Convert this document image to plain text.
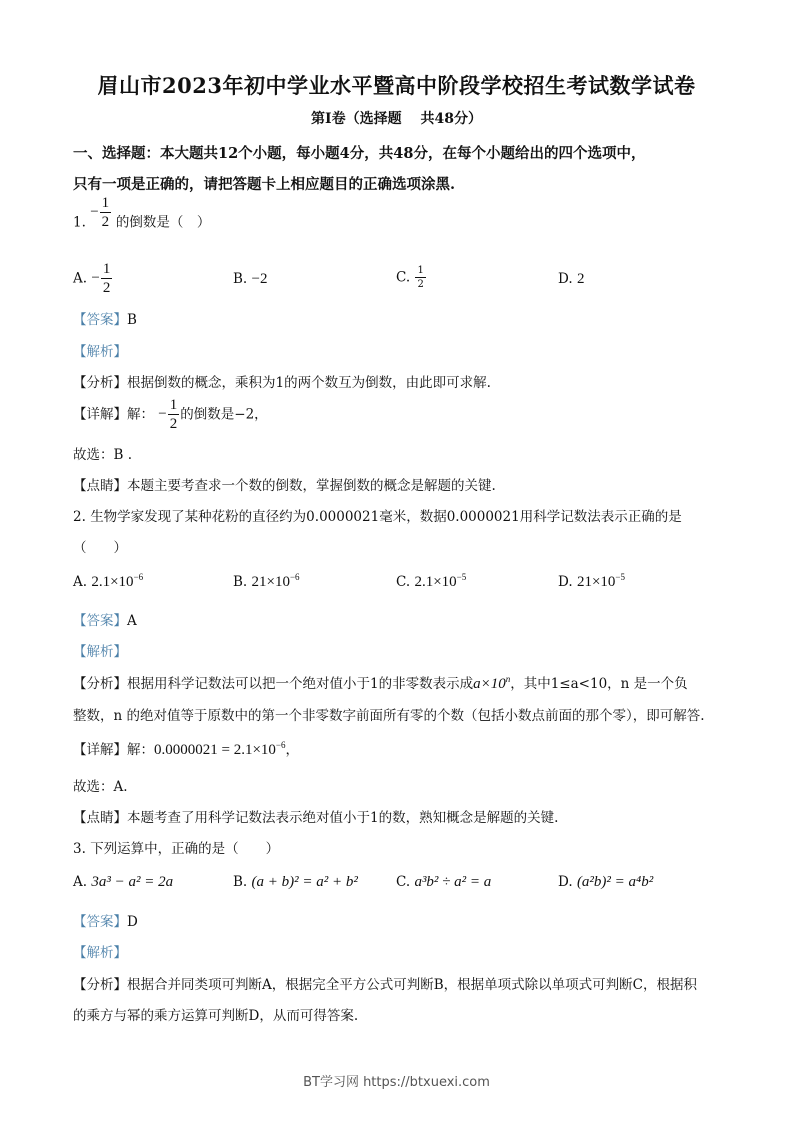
眉山市2023年初中学业水平暨高中阶段学校招生考试数学试卷
第I卷（选择题　 共48分）
一、选择题：本大题共12个小题，每小题4分，共48分，在每个小题给出的四个选项中，
只有一项是正确的，请把答题卡上相应题目的正确选项涂黑.
1. − $\frac{1}{2}$ 的倒数是（　）
A. − $\frac{1}{2}$	B. −2	C. $\frac{1}{2}$	D. 2
【答案】B
【解析】
【分析】根据倒数的概念，乘积为1的两个数互为倒数，由此即可求解.
【详解】解： − $\frac{1}{2}$ 的倒数是−2，
故选：B .
【点睛】本题主要考查求一个数的倒数，掌握倒数的概念是解题的关键.
2. 生物学家发现了某种花粉的直径约为0.0000021毫米，数据0.0000021用科学记数法表示正确的是
（　　）
A. $2.1\times 10^{-6}$	B. $21\times 10^{-6}$	C. $2.1\times 10^{-5}$	D. $21\times 10^{-5}$
【答案】A
【解析】
【分析】根据用科学记数法可以把一个绝对值小于1的非零数表示成$a\times 10^n$，其中1≤a<10，n 是一个负
整数，n 的绝对值等于原数中的第一个非零数字前面所有零的个数（包括小数点前面的那个零），即可解答.
【详解】解：$0.0000021 = 2.1\times 10^{-6}$，
故选：A.
【点睛】本题考查了用科学记数法表示绝对值小于1的数，熟知概念是解题的关键.
3. 下列运算中，正确的是（　　）
A. 3a³ − a² = 2a	B. (a + b)² = a² + b²	C. a³b² ÷ a² = a	D. (a²b)² = a⁴b²
【答案】D
【解析】
【分析】根据合并同类项可判断A，根据完全平方公式可判断B，根据单项式除以单项式可判断C，根据积
的乘方与幂的乘方运算可判断D，从而可得答案.
BT学习网 https://btxuexi.com
